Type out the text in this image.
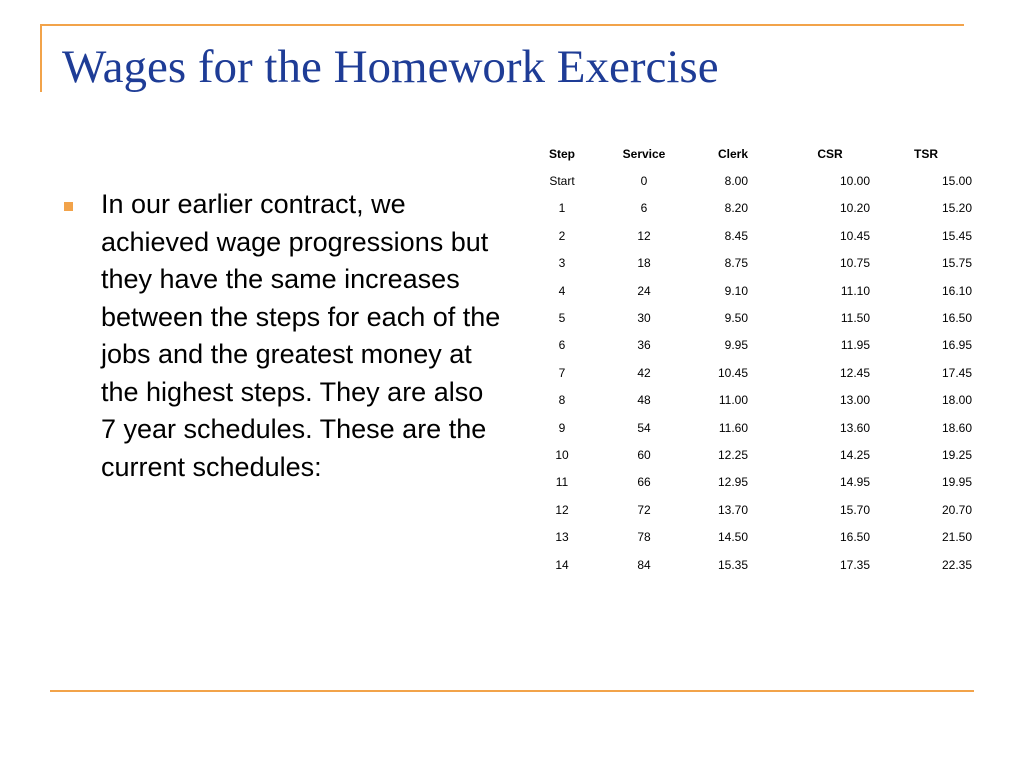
Wages for the Homework Exercise
In our earlier contract, we achieved wage progressions but they have the same increases between the steps for each of the jobs and the greatest money at the highest steps. They are also 7 year schedules. These are the current schedules:
Step	Service	Clerk	CSR	TSR
Start	0	8.00	10.00	15.00
1	6	8.20	10.20	15.20
2	12	8.45	10.45	15.45
3	18	8.75	10.75	15.75
4	24	9.10	11.10	16.10
5	30	9.50	11.50	16.50
6	36	9.95	11.95	16.95
7	42	10.45	12.45	17.45
8	48	11.00	13.00	18.00
9	54	11.60	13.60	18.60
10	60	12.25	14.25	19.25
11	66	12.95	14.95	19.95
12	72	13.70	15.70	20.70
13	78	14.50	16.50	21.50
14	84	15.35	17.35	22.35
